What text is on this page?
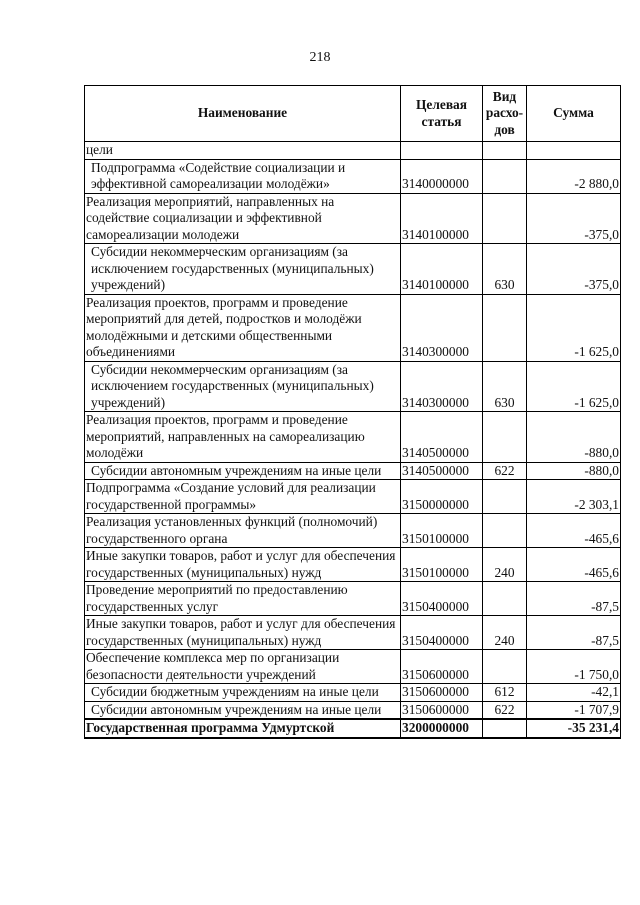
218
Наименование	Целевая статья	Вид расхо-дов	Сумма
цели			
Подпрограмма «Содействие социализации и эффективной самореализации молодёжи»	3140000000		-2 880,0
Реализация мероприятий, направленных на содействие социализации и эффективной самореализации молодежи	3140100000		-375,0
Субсидии некоммерческим организациям (за исключением государственных (муниципальных) учреждений)	3140100000	630	-375,0
Реализация проектов, программ и проведение мероприятий для детей, подростков и молодёжи молодёжными и детскими общественными объединениями	3140300000		-1 625,0
Субсидии некоммерческим организациям (за исключением государственных (муниципальных) учреждений)	3140300000	630	-1 625,0
Реализация проектов, программ и проведение мероприятий, направленных на самореализацию молодёжи	3140500000		-880,0
Субсидии автономным учреждениям на иные цели	3140500000	622	-880,0
Подпрограмма «Создание условий для реализации государственной программы»	3150000000		-2 303,1
Реализация установленных функций (полномочий) государственного органа	3150100000		-465,6
Иные закупки товаров, работ и услуг для обеспечения государственных (муниципальных) нужд	3150100000	240	-465,6
Проведение мероприятий по предоставлению государственных услуг	3150400000		-87,5
Иные закупки товаров, работ и услуг для обеспечения государственных (муниципальных) нужд	3150400000	240	-87,5
Обеспечение комплекса мер по организации безопасности деятельности учреждений	3150600000		-1 750,0
Субсидии бюджетным учреждениям на иные цели	3150600000	612	-42,1
Субсидии автономным учреждениям на иные цели	3150600000	622	-1 707,9
Государственная программа Удмуртской	3200000000		-35 231,4
